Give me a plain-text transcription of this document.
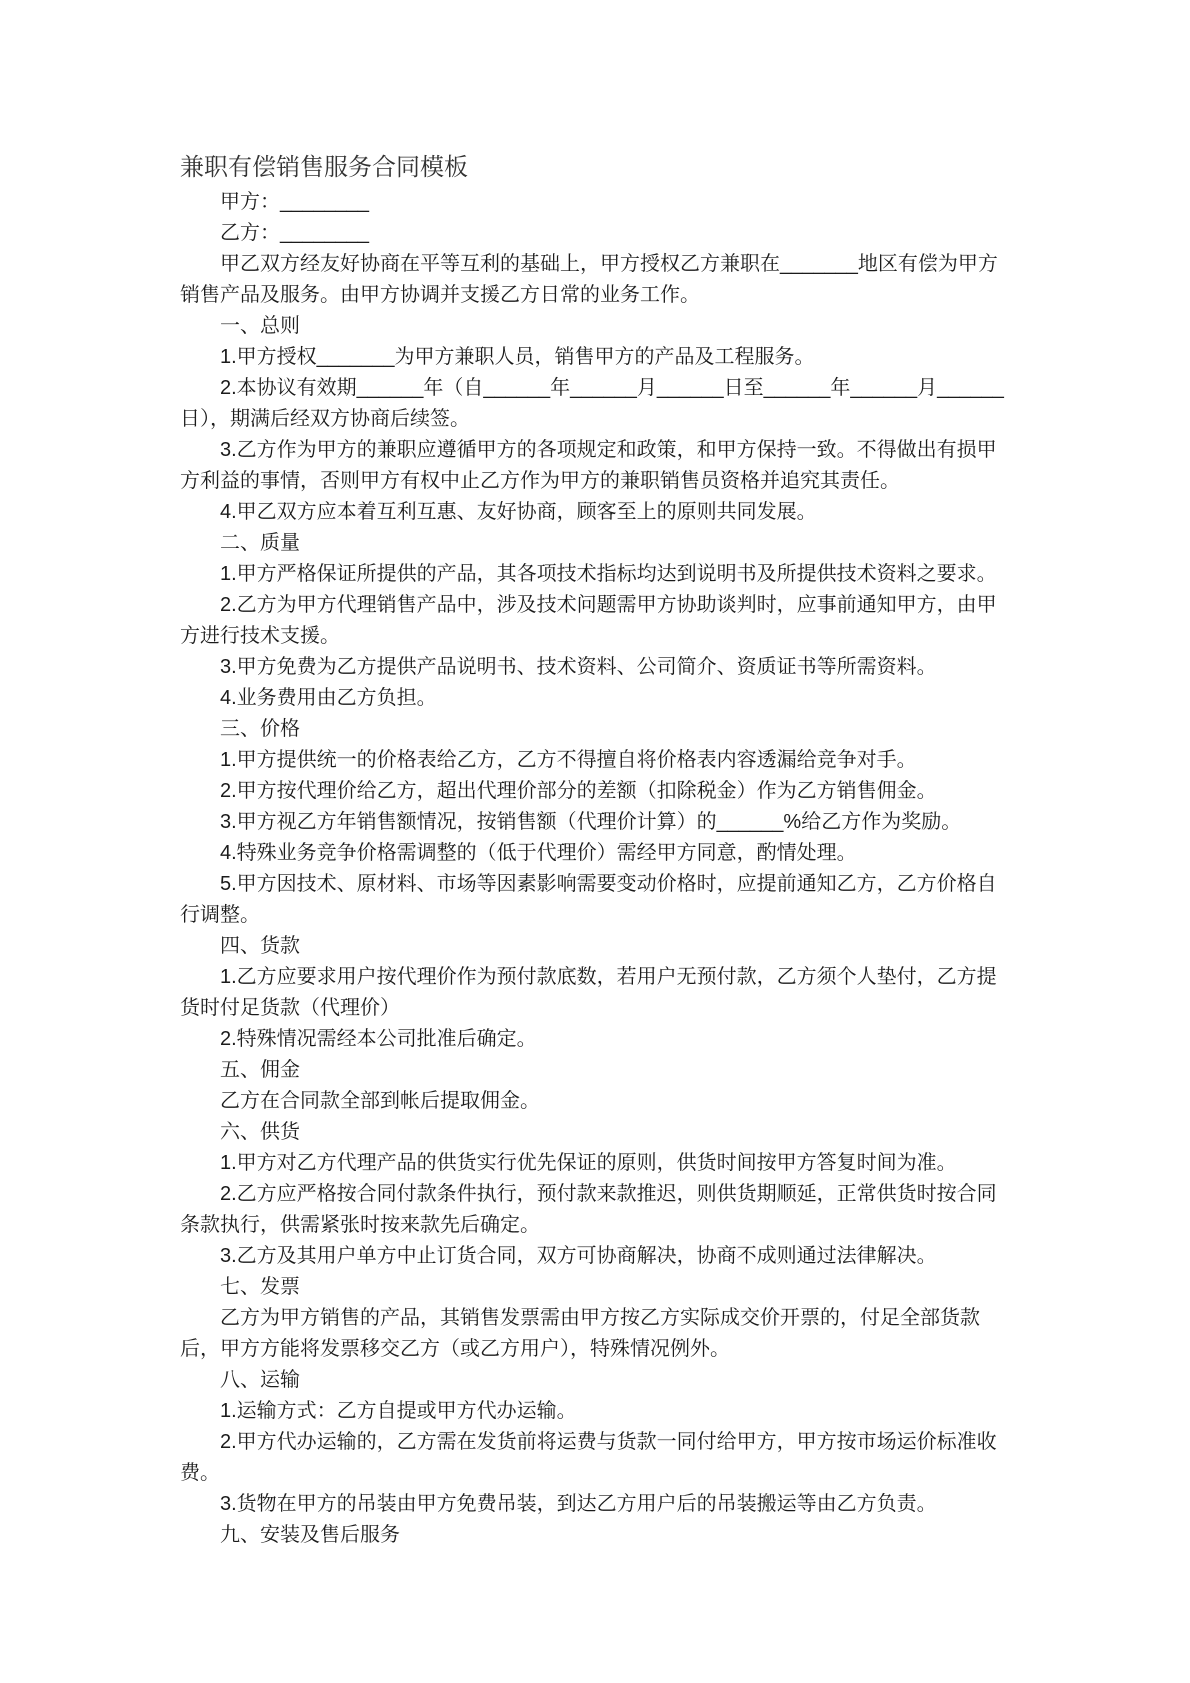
兼职有偿销售服务合同模板

甲方：________

乙方：________

甲乙双方经友好协商在平等互利的基础上，甲方授权乙方兼职在_______地区有偿为甲方销售产品及服务。由甲方协调并支援乙方日常的业务工作。

一、总则

1.甲方授权_______为甲方兼职人员，销售甲方的产品及工程服务。

2.本协议有效期______年（自______年______月______日至______年______月______日），期满后经双方协商后续签。

3.乙方作为甲方的兼职应遵循甲方的各项规定和政策，和甲方保持一致。不得做出有损甲方利益的事情，否则甲方有权中止乙方作为甲方的兼职销售员资格并追究其责任。

4.甲乙双方应本着互利互惠、友好协商，顾客至上的原则共同发展。

二、质量

1.甲方严格保证所提供的产品，其各项技术指标均达到说明书及所提供技术资料之要求。

2.乙方为甲方代理销售产品中，涉及技术问题需甲方协助谈判时，应事前通知甲方，由甲方进行技术支援。

3.甲方免费为乙方提供产品说明书、技术资料、公司简介、资质证书等所需资料。

4.业务费用由乙方负担。

三、价格

1.甲方提供统一的价格表给乙方，乙方不得擅自将价格表内容透漏给竞争对手。

2.甲方按代理价给乙方，超出代理价部分的差额（扣除税金）作为乙方销售佣金。

3.甲方视乙方年销售额情况，按销售额（代理价计算）的______%给乙方作为奖励。

4.特殊业务竞争价格需调整的（低于代理价）需经甲方同意，酌情处理。

5.甲方因技术、原材料、市场等因素影响需要变动价格时，应提前通知乙方，乙方价格自行调整。

四、货款

1.乙方应要求用户按代理价作为预付款底数，若用户无预付款，乙方须个人垫付，乙方提货时付足货款（代理价）

2.特殊情况需经本公司批准后确定。

五、佣金

乙方在合同款全部到帐后提取佣金。

六、供货

1.甲方对乙方代理产品的供货实行优先保证的原则，供货时间按甲方答复时间为准。

2.乙方应严格按合同付款条件执行，预付款来款推迟，则供货期顺延，正常供货时按合同条款执行，供需紧张时按来款先后确定。

3.乙方及其用户单方中止订货合同，双方可协商解决，协商不成则通过法律解决。

七、发票

乙方为甲方销售的产品，其销售发票需由甲方按乙方实际成交价开票的，付足全部货款后，甲方方能将发票移交乙方（或乙方用户），特殊情况例外。

八、运输

1.运输方式：乙方自提或甲方代办运输。

2.甲方代办运输的，乙方需在发货前将运费与货款一同付给甲方，甲方按市场运价标准收费。

3.货物在甲方的吊装由甲方免费吊装，到达乙方用户后的吊装搬运等由乙方负责。

九、安装及售后服务
